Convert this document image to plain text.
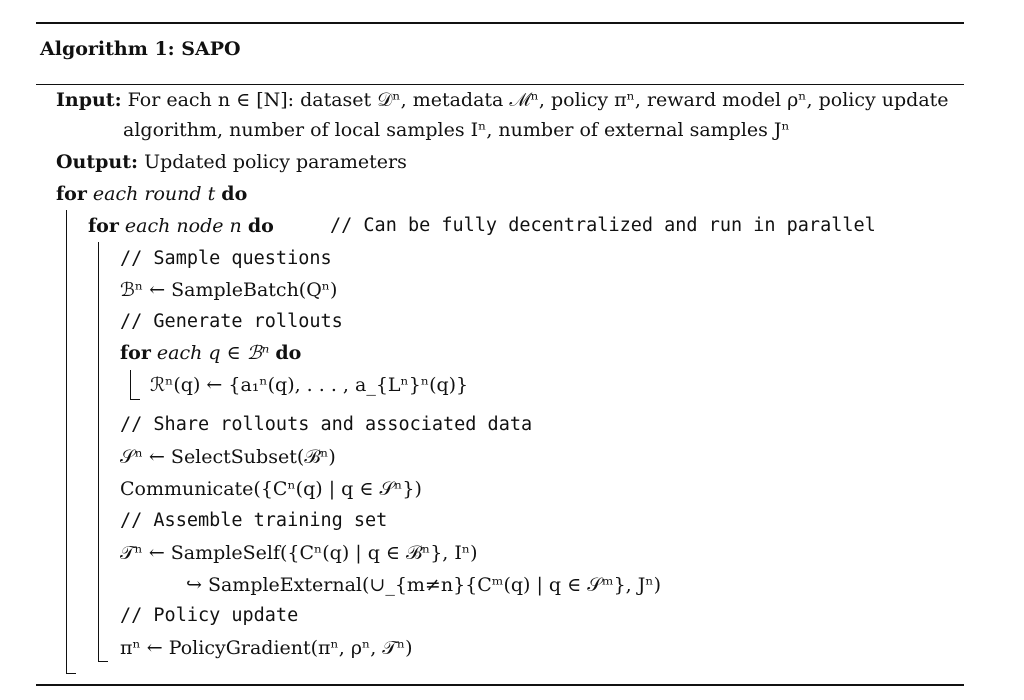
Algorithm 1: SAPO
Input: For each n ∈ [N]: dataset 𝒟ⁿ, metadata ℳⁿ, policy πⁿ, reward model ρⁿ, policy update
algorithm, number of local samples Iⁿ, number of external samples Jⁿ
Output: Updated policy parameters
for each round t do
for each node n do	// Can be fully decentralized and run in parallel
// Sample questions
ℬⁿ ← SampleBatch(Qⁿ)
// Generate rollouts
for each q ∈ ℬⁿ do
ℛⁿ(q) ← {a₁ⁿ(q), . . . , a_{Lⁿ}ⁿ(q)}
// Share rollouts and associated data
𝒮ⁿ ← SelectSubset(ℬⁿ)
Communicate({Cⁿ(q) | q ∈ 𝒮ⁿ})
// Assemble training set
𝒯ⁿ ← SampleSelf({Cⁿ(q) | q ∈ ℬⁿ}, Iⁿ)
↪ SampleExternal(∪_{m≠n}{Cᵐ(q) | q ∈ 𝒮ᵐ}, Jⁿ)
// Policy update
πⁿ ← PolicyGradient(πⁿ, ρⁿ, 𝒯ⁿ)
